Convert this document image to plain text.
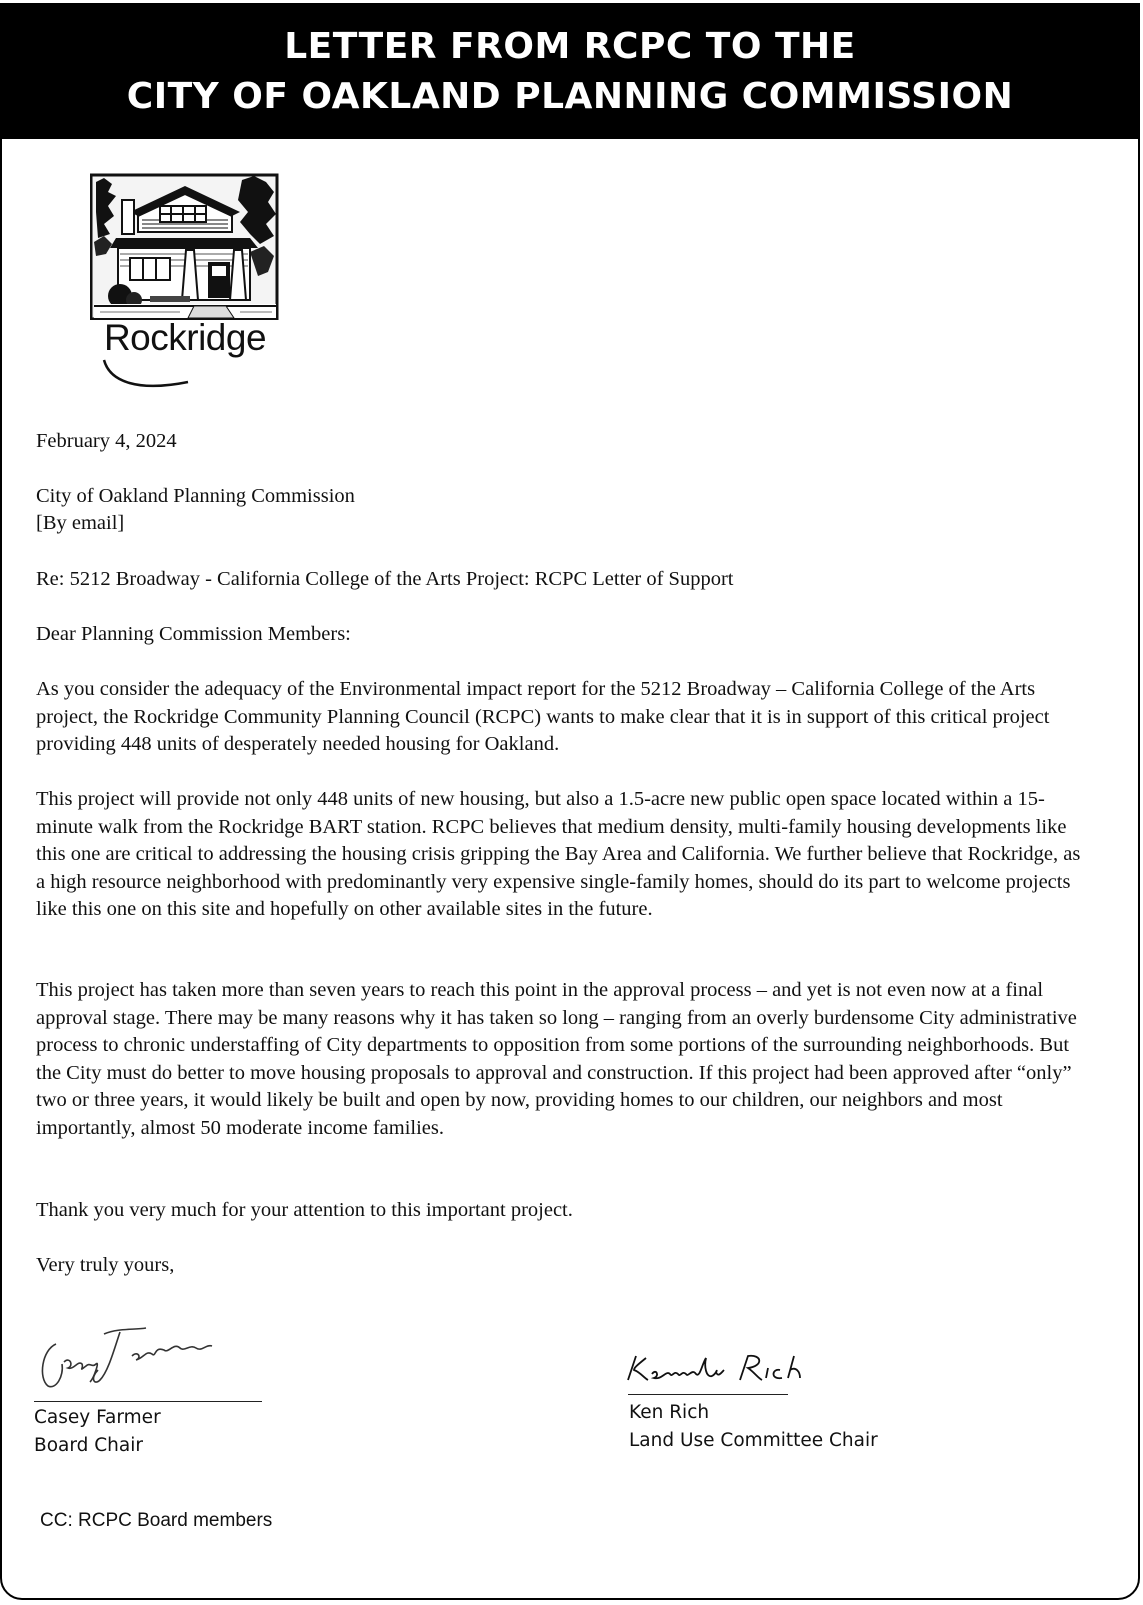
LETTER FROM RCPC TO THE
CITY OF OAKLAND PLANNING COMMISSION
Rockridge
February 4, 2024
City of Oakland Planning Commission
[By email]
Re: 5212 Broadway - California College of the Arts Project: RCPC Letter of Support
Dear Planning Commission Members:

As you consider the adequacy of the Environmental impact report for the 5212 Broadway – California College of the Arts project, the Rockridge Community Planning Council (RCPC) wants to make clear that it is in support of this critical project providing 448 units of desperately needed housing for Oakland.

This project will provide not only 448 units of new housing, but also a 1.5-acre new public open space located within a 15-minute walk from the Rockridge BART station. RCPC believes that medium density, multi-family housing developments like this one are critical to addressing the housing crisis gripping the Bay Area and California. We further believe that Rockridge, as a high resource neighborhood with predominantly very expensive single-family homes, should do its part to welcome projects like this one on this site and hopefully on other available sites in the future.

This project has taken more than seven years to reach this point in the approval process – and yet is not even now at a final approval stage. There may be many reasons why it has taken so long – ranging from an overly burdensome City administrative process to chronic understaffing of City departments to opposition from some portions of the surrounding neighborhoods. But the City must do better to move housing proposals to approval and construction. If this project had been approved after “only” two or three years, it would likely be built and open by now, providing homes to our children, our neighbors and most importantly, almost 50 moderate income families.

Thank you very much for your attention to this important project.
Very truly yours,
Casey Farmer
Board Chair
Ken Rich
Land Use Committee Chair
CC: RCPC Board members
